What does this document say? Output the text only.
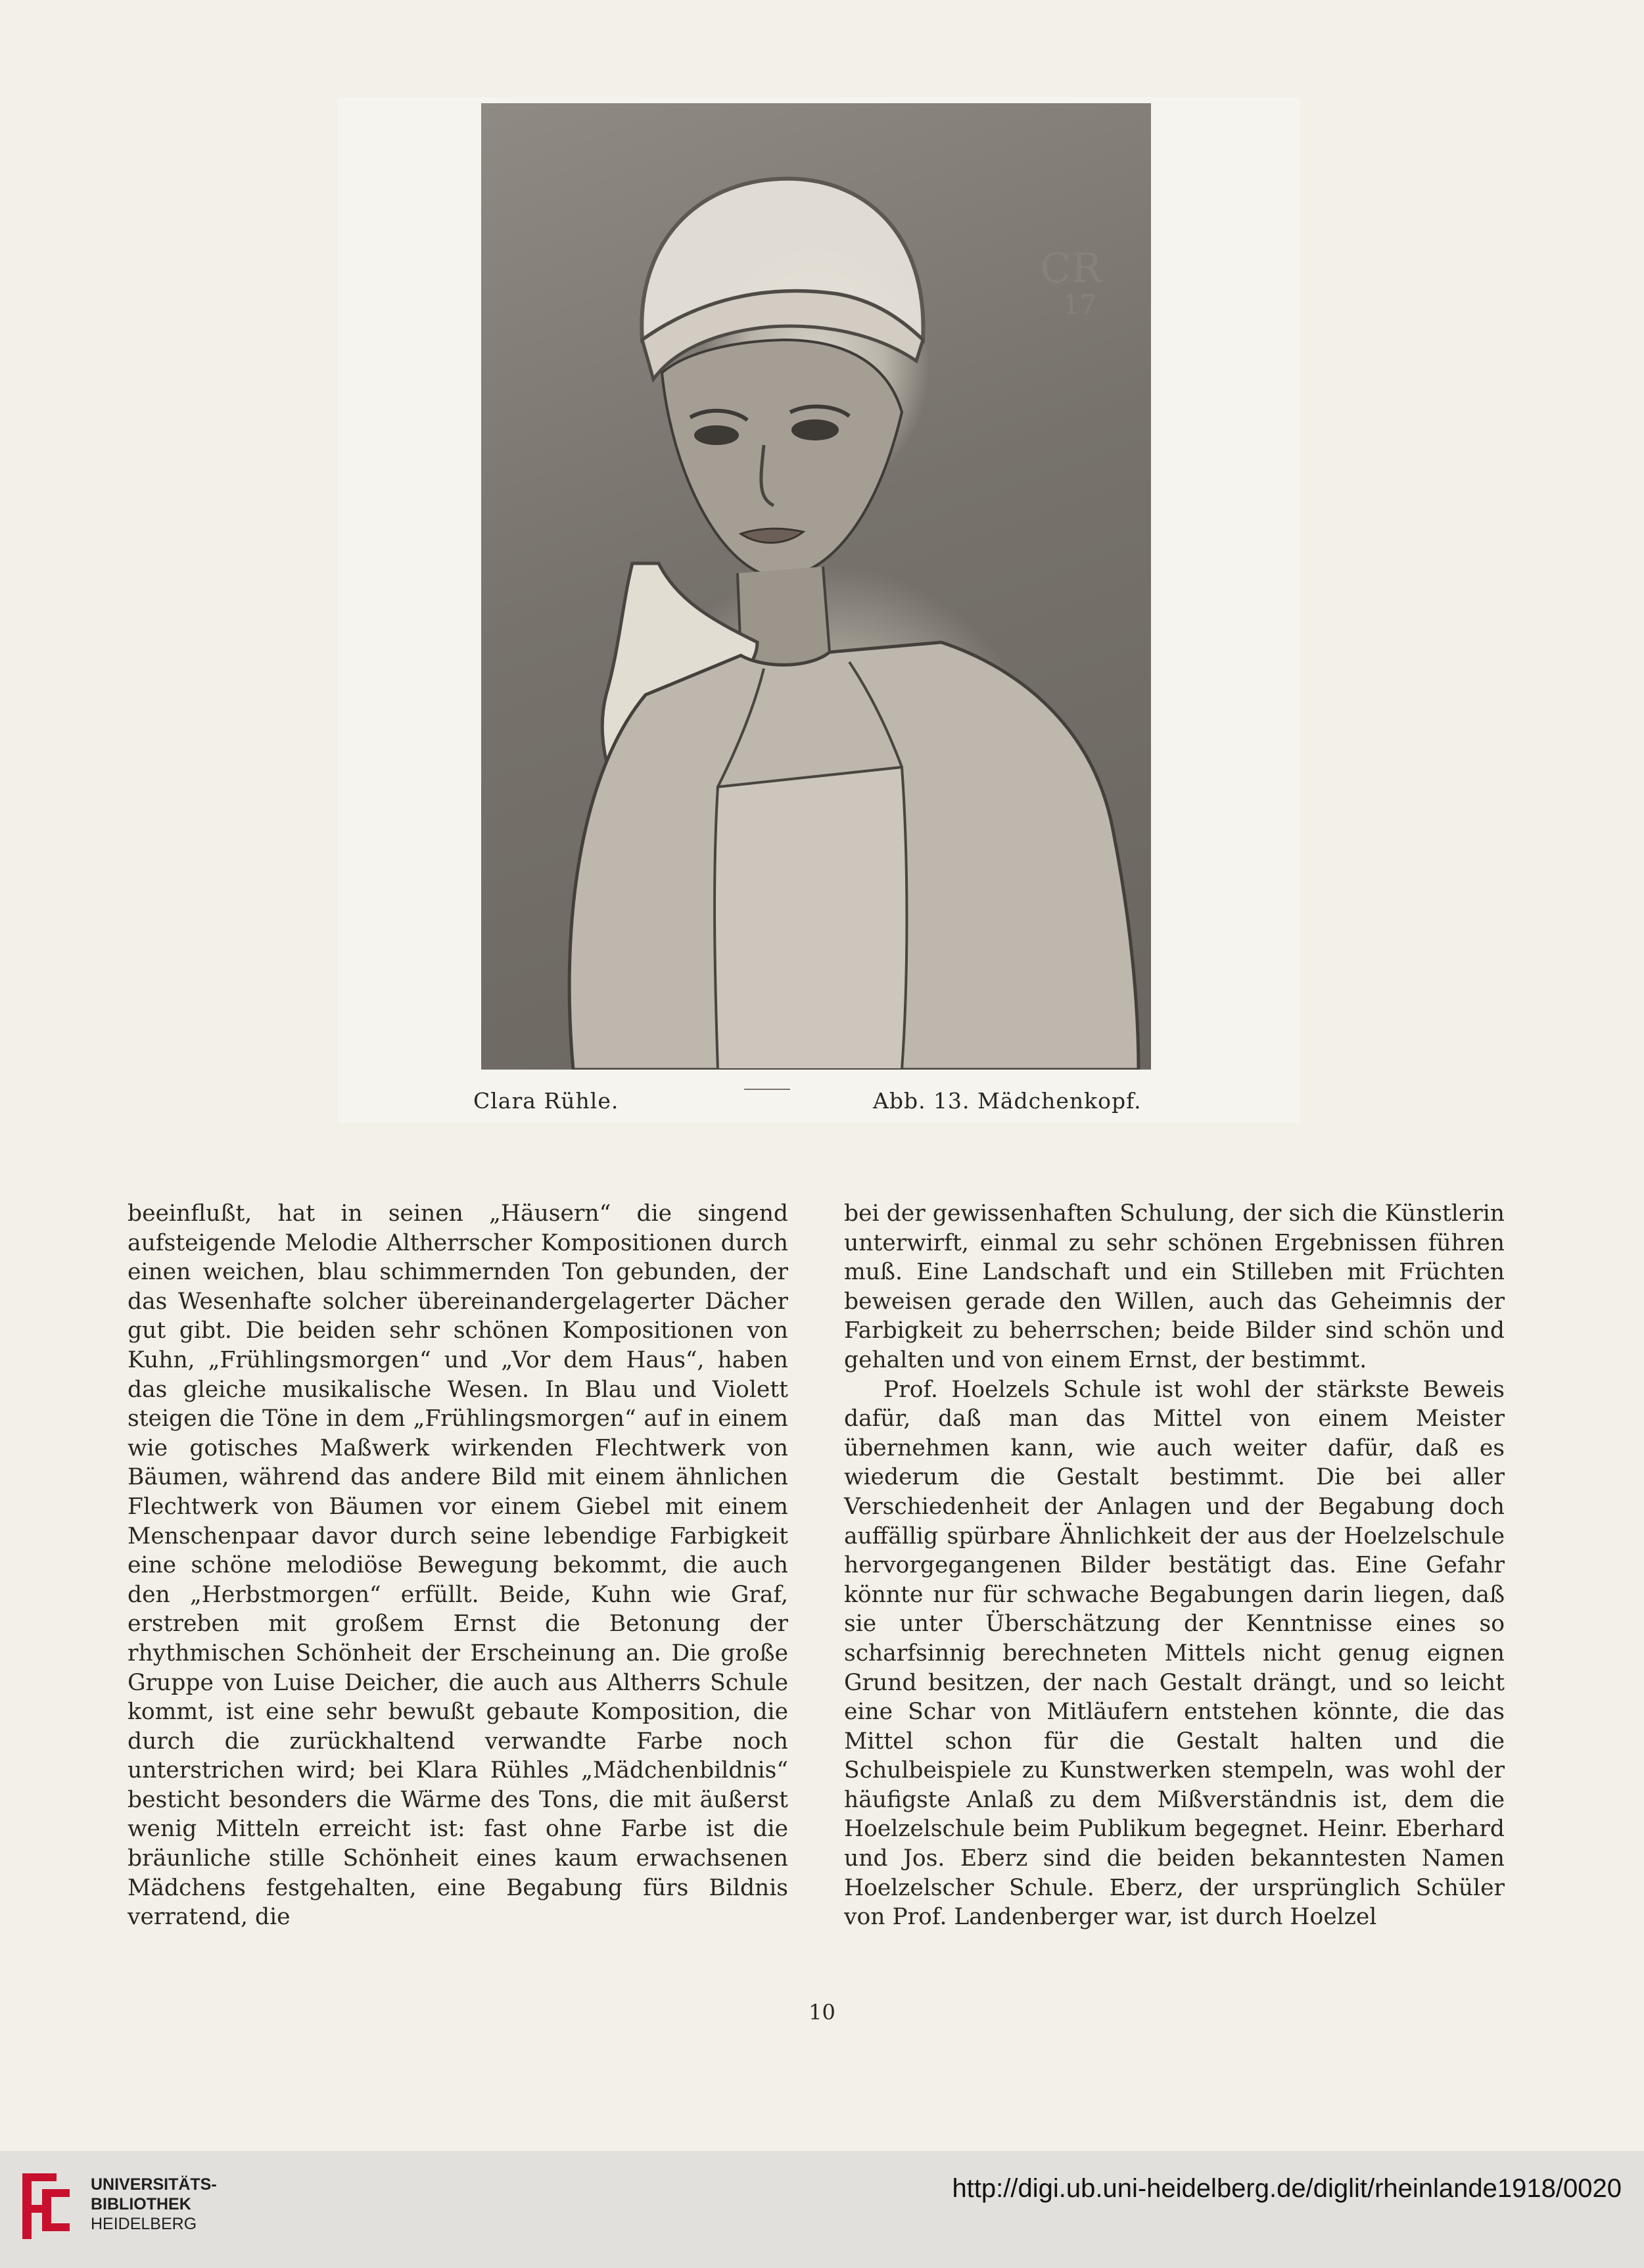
CR
17
Clara Rühle.	Abb. 13. Mädchenkopf.

beeinflußt, hat in seinen „Häusern“ die singend aufsteigende Melodie Altherrscher Kompositionen durch einen weichen, blau schimmernden Ton gebunden, der das Wesenhafte solcher übereinandergelagerter Dächer gut gibt. Die beiden sehr schönen Kompositionen von Kuhn, „Frühlingsmorgen“ und „Vor dem Haus“, haben das gleiche musikalische Wesen. In Blau und Violett steigen die Töne in dem „Frühlingsmorgen“ auf in einem wie gotisches Maßwerk wirkenden Flechtwerk von Bäumen, während das andere Bild mit einem ähnlichen Flechtwerk von Bäumen vor einem Giebel mit einem Menschenpaar davor durch seine lebendige Farbigkeit eine schöne melodiöse Bewegung bekommt, die auch den „Herbstmorgen“ erfüllt. Beide, Kuhn wie Graf, erstreben mit großem Ernst die Betonung der rhythmischen Schönheit der Erscheinung an. Die große Gruppe von Luise Deicher, die auch aus Altherrs Schule kommt, ist eine sehr bewußt gebaute Komposition, die durch die zurückhaltend verwandte Farbe noch unterstrichen wird; bei Klara Rühles „Mädchenbildnis“ besticht besonders die Wärme des Tons, die mit äußerst wenig Mitteln erreicht ist: fast ohne Farbe ist die bräunliche stille Schönheit eines kaum erwachsenen Mädchens festgehalten, eine Begabung fürs Bildnis verratend, die

bei der gewissenhaften Schulung, der sich die Künstlerin unterwirft, einmal zu sehr schönen Ergebnissen führen muß. Eine Landschaft und ein Stilleben mit Früchten beweisen gerade den Willen, auch das Geheimnis der Farbigkeit zu beherrschen; beide Bilder sind schön und gehalten und von einem Ernst, der bestimmt.

Prof. Hoelzels Schule ist wohl der stärkste Beweis dafür, daß man das Mittel von einem Meister übernehmen kann, wie auch weiter dafür, daß es wiederum die Gestalt bestimmt. Die bei aller Verschiedenheit der Anlagen und der Begabung doch auffällig spürbare Ähnlichkeit der aus der Hoelzelschule hervorgegangenen Bilder bestätigt das. Eine Gefahr könnte nur für schwache Begabungen darin liegen, daß sie unter Überschätzung der Kenntnisse eines so scharfsinnig berechneten Mittels nicht genug eignen Grund besitzen, der nach Gestalt drängt, und so leicht eine Schar von Mitläufern entstehen könnte, die das Mittel schon für die Gestalt halten und die Schulbeispiele zu Kunstwerken stempeln, was wohl der häufigste Anlaß zu dem Mißverständnis ist, dem die Hoelzelschule beim Publikum begegnet. Heinr. Eberhard und Jos. Eberz sind die beiden bekanntesten Namen Hoelzelscher Schule. Eberz, der ursprünglich Schüler von Prof. Landenberger war, ist durch Hoelzel

10
UNIVERSITÄTS-
BIBLIOTHEK
HEIDELBERG
http://digi.ub.uni-heidelberg.de/diglit/rheinlande1918/0020
